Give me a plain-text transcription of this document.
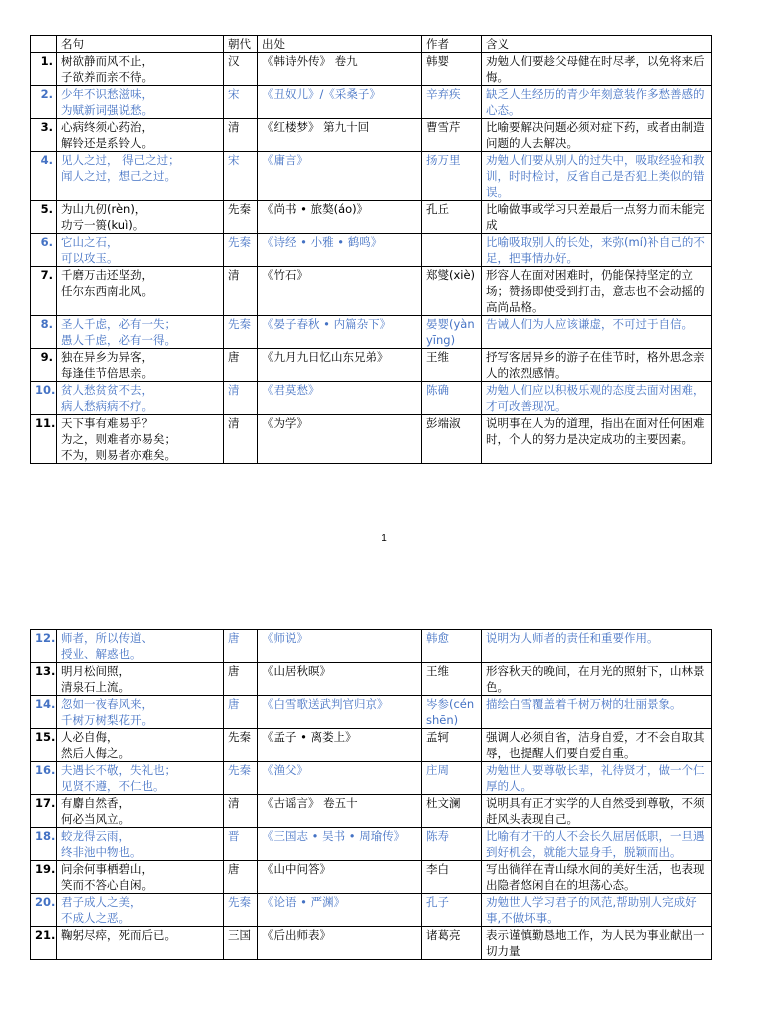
	名句	朝代	出处	作者	含义
1.	树欲静而风不止，
子欲养而亲不待。	汉	《韩诗外传》 卷九	韩婴	劝勉人们要趁父母健在时尽孝，以免将来后悔。
2.	少年不识愁滋味，
为赋新词强说愁。	宋	《丑奴儿》/《采桑子》	辛弃疾	缺乏人生经历的青少年刻意装作多愁善感的心态。
3.	心病终须心药治，
解铃还是系铃人。	清	《红楼梦》 第九十回	曹雪芹	比喻要解决问题必须对症下药，或者由制造问题的人去解决。
4.	见人之过， 得己之过；
闻人之过，想己之过。	宋	《庸言》	扬万里	劝勉人们要从别人的过失中，吸取经验和教训，时时检讨，反省自己是否犯上类似的错误。
5.	为山九仞(rèn)，
功亏一篑(kuì)。	先秦	《尚书 • 旅獒(áo)》	孔丘	比喻做事或学习只差最后一点努力而未能完成
6.	它山之石，
可以攻玉。	先秦	《诗经 • 小雅 • 鹤鸣》		比喻吸取别人的长处，来弥(mí)补自己的不足，把事情办好。
7.	千磨万击还坚劲，
任尔东西南北风。	清	《竹石》	郑燮(xiè)	形容人在面对困难时，仍能保持坚定的立场；赞扬即使受到打击，意志也不会动摇的高尚品格。
8.	圣人千虑，必有一失；
愚人千虑，必有一得。	先秦	《晏子春秋 • 内篇杂下》	晏婴(yàn yīng)	告诫人们为人应该谦虚，不可过于自信。
9.	独在异乡为异客，
每逢佳节倍思亲。	唐	《九月九日忆山东兄弟》	王维	抒写客居异乡的游子在佳节时，格外思念亲人的浓烈感情。
10.	贫人愁贫贫不去，
病人愁病病不疗。	清	《君莫愁》	陈确	劝勉人们应以积极乐观的态度去面对困难，才可改善现况。
11.	天下事有难易乎？
为之，则难者亦易矣；
不为，则易者亦难矣。	清	《为学》	彭端淑	说明事在人为的道理，指出在面对任何困难时，个人的努力是决定成功的主要因素。
1
12.	师者，所以传道、
授业、解惑也。	唐	《师说》	韩愈	说明为人师者的责任和重要作用。
13.	明月松间照，
清泉石上流。	唐	《山居秋暝》	王维	形容秋天的晚间，在月光的照射下，山林景色。
14.	忽如一夜春风来，
千树万树梨花开。	唐	《白雪歌送武判官归京》	岑参(cén shēn)	描绘白雪覆盖着千树万树的壮丽景象。
15.	人必自侮，
然后人侮之。	先秦	《孟子 • 离娄上》	孟轲	强调人必须自省，洁身自爱，才不会自取其辱，也提醒人们要自爱自重。
16.	夫遇长不敬，失礼也；
见贤不遵，不仁也。	先秦	《渔父》	庄周	劝勉世人要尊敬长辈，礼待贤才，做一个仁厚的人。
17.	有麝自然香，
何必当风立。	清	《古谣言》 卷五十	杜文澜	说明具有正才实学的人自然受到尊敬，不须赶风头表现自己。
18.	蛟龙得云雨，
终非池中物也。	晋	《三国志 • 吴书 • 周瑜传》	陈寿	比喻有才干的人不会长久屈居低职，一旦遇到好机会，就能大显身手，脱颖而出。
19.	问余何事栖碧山，
笑而不答心自闲。	唐	《山中问答》	李白	写出徜徉在青山绿水间的美好生活，也表现出隐者悠闲自在的坦荡心态。
20.	君子成人之美，
不成人之恶。	先秦	《论语 • 严渊》	孔子	劝勉世人学习君子的风范,帮助别人完成好事,不做坏事。
21.	鞠躬尽瘁，死而后已。	三国	《后出师表》	诸葛亮	表示谨慎勤恳地工作，为人民为事业献出一切力量
